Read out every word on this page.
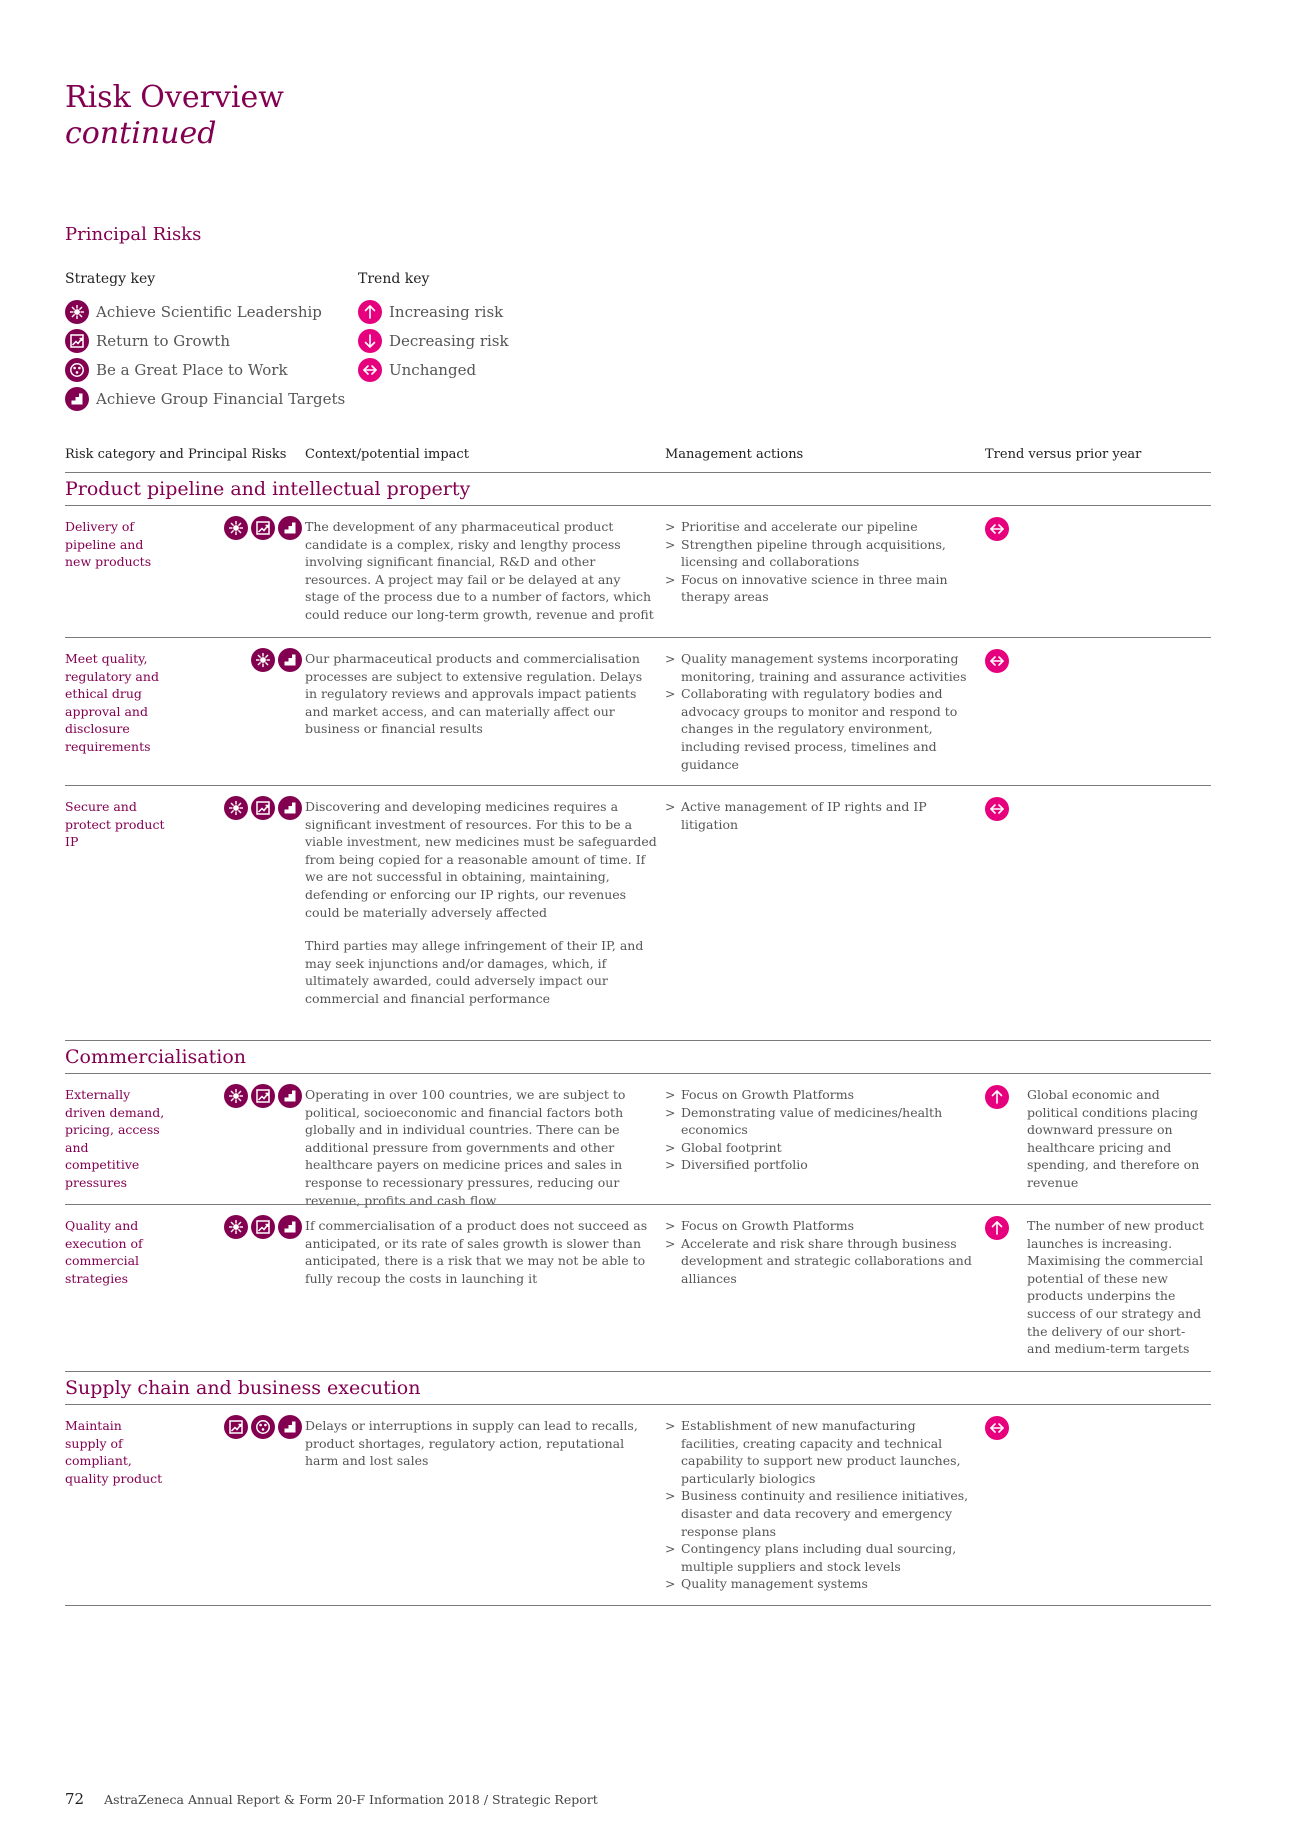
Risk Overview
continued
Principal Risks
Strategy key
Achieve Scientific Leadership
Return to Growth
Be a Great Place to Work
Achieve Group Financial Targets
Trend key
Increasing risk
Decreasing risk
Unchanged
Risk category and Principal Risks Context/potential impact	Management actions	Trend versus prior year
Product pipeline and intellectual property
Delivery of pipeline and new products

The development of any pharmaceutical product candidate is a complex, risky and lengthy process involving significant financial, R&D and other resources. A project may fail or be delayed at any stage of the process due to a number of factors, which could reduce our long-term growth, revenue and profit

> Prioritise and accelerate our pipeline
> Strengthen pipeline through acquisitions, licensing and collaborations
> Focus on innovative science in three main therapy areas
Meet quality, regulatory and ethical drug approval and disclosure requirements

Our pharmaceutical products and commercialisation processes are subject to extensive regulation. Delays in regulatory reviews and approvals impact patients and market access, and can materially affect our business or financial results

> Quality management systems incorporating monitoring, training and assurance activities
> Collaborating with regulatory bodies and advocacy groups to monitor and respond to changes in the regulatory environment, including revised process, timelines and guidance
Secure and protect product IP

Discovering and developing medicines requires a significant investment of resources. For this to be a viable investment, new medicines must be safeguarded from being copied for a reasonable amount of time. If we are not successful in obtaining, maintaining, defending or enforcing our IP rights, our revenues could be materially adversely affected

Third parties may allege infringement of their IP, and may seek injunctions and/or damages, which, if ultimately awarded, could adversely impact our commercial and financial performance

> Active management of IP rights and IP litigation
Commercialisation
Externally driven demand, pricing, access and competitive pressures

Operating in over 100 countries, we are subject to political, socioeconomic and financial factors both globally and in individual countries. There can be additional pressure from governments and other healthcare payers on medicine prices and sales in response to recessionary pressures, reducing our revenue, profits and cash flow

> Focus on Growth Platforms
> Demonstrating value of medicines/health economics
> Global footprint
> Diversified portfolio
Global economic and political conditions placing downward pressure on healthcare pricing and spending, and therefore on revenue
Quality and execution of commercial strategies

If commercialisation of a product does not succeed as anticipated, or its rate of sales growth is slower than anticipated, there is a risk that we may not be able to fully recoup the costs in launching it

> Focus on Growth Platforms
> Accelerate and risk share through business development and strategic collaborations and alliances
The number of new product launches is increasing. Maximising the commercial potential of these new products underpins the success of our strategy and the delivery of our short- and medium-term targets
Supply chain and business execution
Maintain supply of compliant, quality product

Delays or interruptions in supply can lead to recalls, product shortages, regulatory action, reputational harm and lost sales

> Establishment of new manufacturing facilities, creating capacity and technical capability to support new product launches, particularly biologics
> Business continuity and resilience initiatives, disaster and data recovery and emergency response plans
> Contingency plans including dual sourcing, multiple suppliers and stock levels
> Quality management systems
72 AstraZeneca Annual Report & Form 20-F Information 2018 / Strategic Report
